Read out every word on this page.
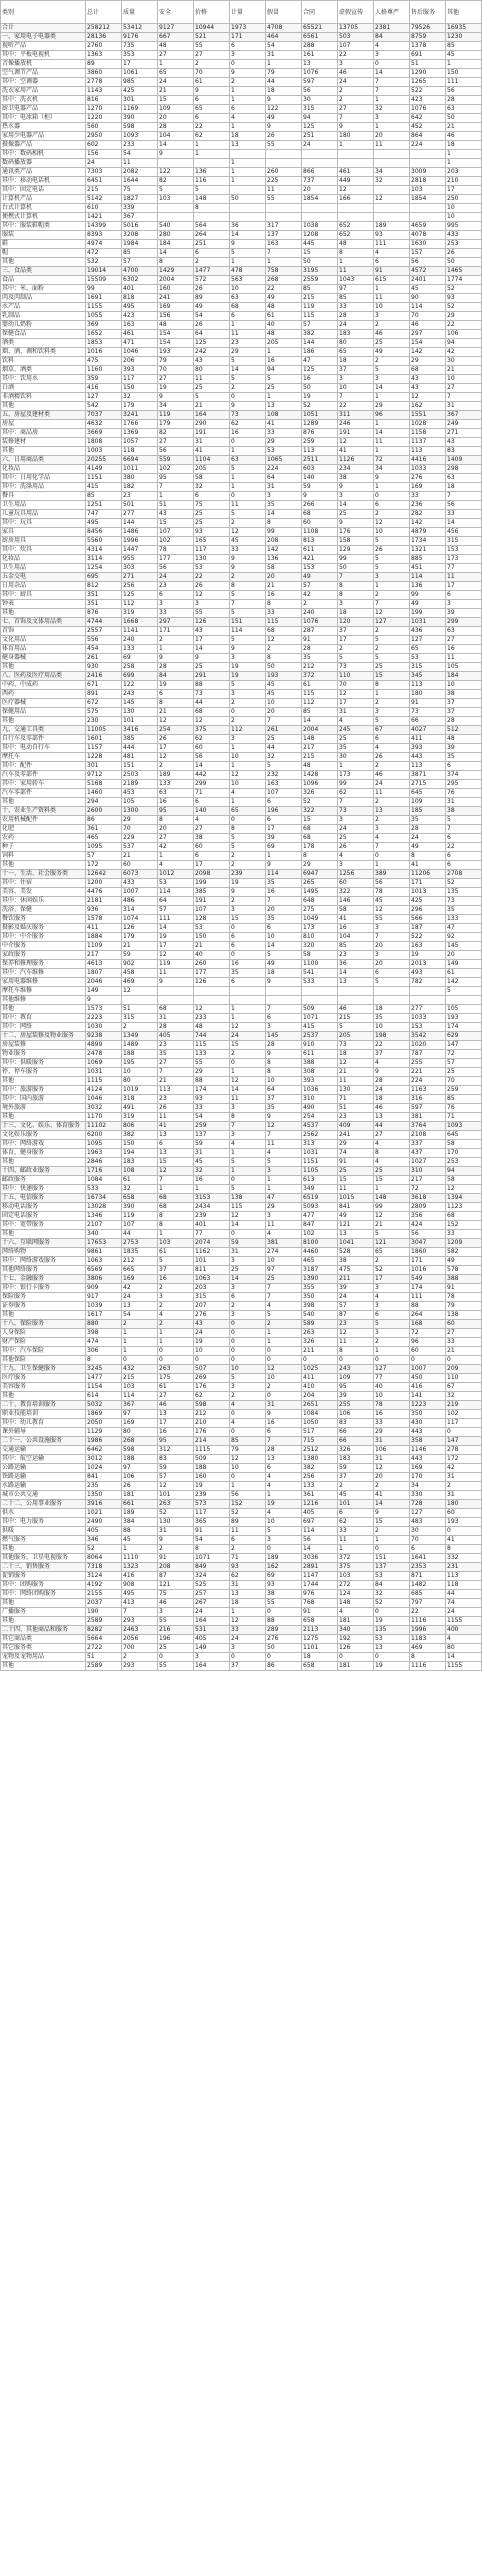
类别	总计	质量	安全	价格	计量	假冒	合同	虚假宣传	人格尊严	售后服务	其他
合计	258212	53412	9127	10944	1973	4708	65521	13705	2381	79526	16935
一、家用电子电器类	28136	9176	667	521	171	464	6561	503	84	8759	1230
视听产品	2760	735	48	55	6	54	288	107	4	1378	85
其中：平板电视机	1363	353	27	27	3	31	161	22	3	691	45
音像播放机	89	17	1	2	0	1	13	3	0	51	1
空气调节产品	3860	1061	65	70	9	79	1076	46	14	1290	150
其中：空调器	2778	985	24	61	2	44	597	24	7	1265	111
洗衣家用产品	1143	425	21	9	1	18	56	2	7	522	56
其中：洗衣机	816	301	15	6	1	9	30	2	1	423	28
厨卫电器产品	1270	1169	109	65	6	122	315	27	32	1076	63
其中：电冰箱（柜）	1220	390	20	6	4	49	94	7	3	642	50
热水器	560	598	28	22	1	9	125	9	1	452	21
家用少电器产品	2950	1093	104	62	18	26	251	180	20	864	46
摄像器产品	602	233	14	1	13	55	24	1	11	224	18
其中：数码相机	156	54	9	1							1
数码播放器	24	11			1						1
通讯类产品	7303	2082	122	136	1	260	866	461	34	3009	203
其中：移动电话机	6451	1644	82	116	1	225	737	449	32	2818	210
其中：固定电话	215	75	5	5		11	20	12		103	17
计算机产品	5142	1827	103	148	50	55	1854	166	12	1854	250
台式计算机	610	339		8							10
便携式计算机	1421	367									10
其中：服装鞋帽类	14399	5016	540	564	36	317	1038	652	189	4659	995
服装	8393	3208	280	264	14	137	1208	652	93	4078	433
鞋	4974	1984	184	251	9	163	445	48	111	1630	253
帽	472	85	14	6	5	7	15	8	4	157	26
其他	532	57	8	2	1	1	50	1	6	56	50
三、食品类	19014	4700	1429	1477	478	758	3195	11	91	4572	1465
食品	15509	6302	2004	572	563	268	2559	1043	615	2401	1774
其中：米、面粉	99	401	160	26	10	22	85	97	1	45	52
肉及肉制品	1691	818	241	89	63	49	215	85	11	90	93
水产品	1155	495	169	49	68	48	119	33	10	114	52
乳制品	1055	423	156	54	6	61	115	28	3	70	29
婴幼儿奶粉	369	163	48	26	1	40	57	24	2	46	22
保健食品	1652	461	154	64	11	48	382	183	46	297	106
酒类	1853	471	154	125	23	205	144	80	25	154	94
烟、酒、调和饮料类	1016	1046	193	242	29	1	186	65	49	142	42
饮料	475	206	79	43	5	16	47	18	2	29	30
烟草、酒类	1160	393	70	80	14	94	125	37	5	68	21
其中：饮用水	359	117	27	11	5	5	16	3	3	43	10
白酒	416	150	19	25	2	25	50	10	14	43	27
非酒精饮料	127	32	9	5	0	1	19	7	1	12	7
其他	542	179	34	21	9	13	52	22	29	162	31
五、房屋及建材类	7037	3241	119	164	73	108	1051	311	96	1551	367
房屋	4632	1766	179	290	62	41	1289	246	1	1028	249
其中：商品房	3669	1369	82	191	16	33	876	191	14	1158	271
装修建材	1808	1057	27	31	0	29	259	12	11	1137	43
其他	1003	118	56	41	1	53	113	41	1	113	83
六、日用商品类	20255	6694	559	1104	63	1065	2511	1126	72	4416	1409
化妆品	4149	1011	102	205	5	224	603	234	34	1033	298
其中：日用化学品	1151	380	95	58	1	64	140	38	9	276	63
其中：洗涤用品	415	182	7	32	1	31	59	9	1	169	18
餐具	85	23	1	6	0	3	9	3	0	33	7
卫生用品	1251	501	51	75	11	35	266	14	6	236	56
儿童玩具用品	747	277	43	25	5	14	68	25	2	282	33
其中：玩具	495	144	15	25	2	8	60	9	12	142	14
家具	8456	1486	107	93	12	99	1108	176	10	4879	456
厨房用具	5560	1996	102	165	45	208	813	158	5	1734	315
其中：炊具	4314	1447	78	117	33	142	611	129	26	1321	153
化妆品	3114	955	177	130	9	136	421	99	5	885	173
卫生用品	1254	303	56	53	9	58	153	50	5	451	77
五金交电	695	271	24	22	2	20	49	7	3	114	11
日用杂品	812	256	23	26	8	21	57	8	1	136	17
其中：厨具	351	125	6	12	5	16	42	8	2	99	6
钟表	351	112	3	3	7	8	2	3	7	49	3
其他	876	319	33	55	5	33	240	18	12	199	39
七、首饰及文体用品类	4744	1668	297	126	151	115	1076	120	127	1031	299
首饰	2557	1141	171	43	114	68	287	37	2	436	63
文化用品	556	240	2	17	5	12	91	17	5	127	27
体育用品	454	133	1	14	9	2	28	2	2	65	16
健身器械	261	69	9	9	3	8	35	5	5	53	11
其他	930	258	28	25	19	50	212	73	25	315	105
八、医药及医疗用品类	2416	699	84	291	19	193	372	110	15	345	184
中药、中成药	671	122	19	88	5	45	61	70	8	113	10
西药	891	243	6	73	3	45	115	12	1	180	38
医疗器械	672	145	8	44	2	10	112	17	2	91	37
保健用品	575	130	21	68	0	20	85	31	3	73	37
其他	230	101	12	12	2	7	14	4	5	66	28
九、交通工具类	11005	3416	254	375	112	261	2004	245	67	4027	512
自行车及零部件	1601	385	26	62	3	25	148	25	6	411	48
其中：电动自行车	1157	444	17	60	1	44	217	35	4	393	39
摩托车	1228	481	12	56	10	32	215	30	26	443	35
其中：配件	301	151	2	14	1	5	48	1	2	113	6
汽车及零部件	9712	2503	189	442	12	232	1428	173	46	3871	374
其中：家用轿车	5168	2189	133	299	10	163	1096	99	24	2715	295
汽车零部件	1460	453	63	71	4	107	326	62	11	645	76
其他	294	105	16	6	1	6	52	7	2	109	31
十、农业生产资料类	2600	1300	95	140	65	196	322	73	13	185	38
农用机械配件	86	29	8	4	0	6	15	3	2	35	5
化肥	361	70	20	27	8	17	68	24	3	28	7
农药	465	229	27	38	5	39	68	25	4	24	6
种子	1095	537	42	60	5	69	178	26	7	49	22
饲料	57	21	1	6	2	1	8	4	0	8	6
其他	172	60	4	17	2	9	29	3	1	41	6
十一、生活、社会服务类	12642	6073	1012	2098	239	114	6947	1256	389	11206	2708
其中：住宿	1200	433	53	199	19	35	265	60	56	171	52
美容、美发	4476	1007	114	385	9	16	1495	322	78	1013	135
其中：休闲娱乐	2181	486	64	191	2	7	648	146	45	425	73
洗浴、保健	936	314	57	107	3	20	275	58	12	296	35
餐饮服务	1578	1074	111	128	15	35	1049	41	55	566	133
摄影及婚庆服务	411	126	14	53	0	6	173	16	3	187	47
其中：中介服务	1884	179	19	150	6	10	810	104	7	522	92
中介服务	1109	21	17	21	6	14	320	85	20	163	145
家政服务	217	59	12	40	0	5	58	23	3	19	20
保养和修理服务	4613	902	119	260	16	49	1100	36	20	2013	149
其中：汽车维修	1807	458	11	177	35	18	541	14	6	493	61
家用电器维修	2046	469	9	126	6	9	533	13	5	782	142
摩托车维修	149	12									5
其他维修	9										
其他	1573	51	68	12	1	7	509	46	18	277	105
其中：教育	2223	315	31	233	1	6	1071	215	35	1033	193
其中：网络	1030	2	28	48	12	3	415	5	10	153	174
十二、房屋装修及物业服务	9238	1349	405	744	24	145	2537	205	198	3542	629
房屋装修	4899	1489	23	115	15	28	910	73	22	1020	147
物业服务	2478	188	35	133	2	9	611	18	37	787	72
其中：供暖服务	1069	195	27	55	0	8	388	12	4	255	57
停、停车服务	1031	10	7	29	1	8	308	21	9	221	25
其他	1115	80	21	88	12	10	393	11	28	224	70
其中：旅游服务	4124	1019	113	174	14	64	1036	130	24	1163	259
其中：国内旅游	1046	318	23	93	11	37	310	71	18	316	85
境外旅游	3032	491	26	33	3	35	490	51	46	597	76
其他	1170	319	11	54	8	9	254	23	13	381	71
十三、文化、娱乐、体育服务	11102	806	41	259	7	12	4537	409	44	3764	1093
文化娱乐服务	6200	382	13	137	3	7	2562	241	27	2108	645
其中：网络游戏	1095	150	6	59	4	11	313	29	4	337	58
体育、健身服务	1963	194	13	31	1	4	1031	74	8	437	170
其他	2846	183	15	45	5	5	1151	91	4	1027	253
十四、邮政业服务	1716	108	12	32	1	3	1105	25	25	310	94
邮政服务	1084	61	7	16	0	1	613	15	15	217	58
其中：快递服务	533	32	1	1	5	1	349	11	1	72	12
十五、电信服务	16734	658	68	3153	138	47	6519	1015	148	3618	1394
移动电话服务	13028	390	68	2434	115	29	5093	841	99	2809	1123
固定电话服务	1346	119	8	239	12	3	477	49	12	356	68
其中：宽带服务	2107	107	8	401	14	11	847	121	21	424	152
其他	340	44	1	77	0	4	102	13	5	56	33
十六、互联网服务	17653	2753	103	2074	59	381	8100	1041	121	3047	1209
网络购物	9861	1835	61	1162	31	274	4460	528	65	1860	582
其中：网络游戏服务	1063	212	5	101	3	10	465	38	2	171	49
其他网络服务	6569	665	37	811	25	97	3187	475	52	1016	578
十七、金融服务	3806	169	16	1063	14	25	1390	211	17	549	388
其中：银行卡服务	909	42	2	203	3	7	355	39	3	174	91
保险服务	917	24	3	315	6	7	350	24	4	111	78
证券服务	1039	13	2	207	2	4	398	57	3	88	79
其他	1617	54	4	276	3	5	540	87	6	264	138
十八、保险服务	880	2	2	43	0	2	589	23	5	168	60
人身保险	398	1	1	24	0	1	263	12	3	72	27
财产保险	474	1	1	19	0	1	326	11	2	96	33
其中：汽车保险	306	1	0	10	0	0	211	8	1	60	21
其他保险	8	0	0	0	0	0	0	0	0	0	0
十九、卫生保健服务	3245	432	263	507	10	12	1025	243	127	1007	209
医疗服务	1477	215	175	269	5	10	411	109	77	450	110
美容服务	1154	103	61	176	3	2	410	95	40	416	67
其他	614	114	27	62	2	0	204	39	10	141	32
二十、教育培训服务	5032	367	46	598	4	31	2651	255	78	1223	219
职业技能培训	1869	97	13	212	0	9	1084	106	16	350	102
其中：幼儿教育	2050	169	17	210	4	16	1050	83	33	430	117
课外辅导	1129	80	16	176	0	6	517	66	29	443	0
二十一、公共设施服务	1986	268	95	214	85	7	715	66	31	358	147
交通运输	6462	598	312	1115	79	28	2512	326	106	1146	278
其中：航空运输	3012	188	83	509	12	13	1380	183	31	443	172
公路运输	1024	97	59	188	10	6	382	59	12	169	42
铁路运输	841	106	57	160	0	4	256	37	20	170	31
水路运输	235	26	12	19	1	4	133	2	2	34	2
城市公共交通	1350	181	101	239	56	1	361	45	41	330	31
二十二、公用事业服务	3916	661	263	573	152	19	1216	101	14	728	180
供水	1021	189	52	117	52	4	405	6	9	127	60
其中：电力服务	2490	384	130	365	89	10	697	62	15	483	193
供暖	405	88	31	91	11	5	114	33	2	30	0
燃气服务	346	45	9	54	6	3	56	11	1	70	41
其他	52	1	2	8	2	0	14	1	0	6	8
其他服务、卫星电视服务	8064	1110	91	1071	71	189	3036	372	151	1641	332
二十三、销售服务	7318	1323	208	849	93	162	2891	375	137	2353	231
促销服务	3124	416	87	324	62	69	1147	103	53	871	113
其中：团购服务	4192	908	121	525	31	93	1744	272	84	1482	118
其中：网络团购服务	2155	495	75	257	13	38	976	124	32	685	44
其他	2037	413	46	267	18	55	768	148	52	797	74
广播服务	190	7	3	24	1	0	91	4	0	22	24
其他	2589	293	55	164	12	88	658	181	19	1116	1155
二十四、其他商品和服务	8282	2463	216	531	33	289	2113	340	135	1996	400
其它商品类	5664	2056	196	405	24	276	1275	192	53	1183	4
其它服务类	2722	700	25	149	3	50	1101	126	13	469	80
宠物及宠物用品	51	2	0	3	0	0	18	0	0	8	14
其他	2589	293	55	164	37	86	658	181	19	1116	1155
